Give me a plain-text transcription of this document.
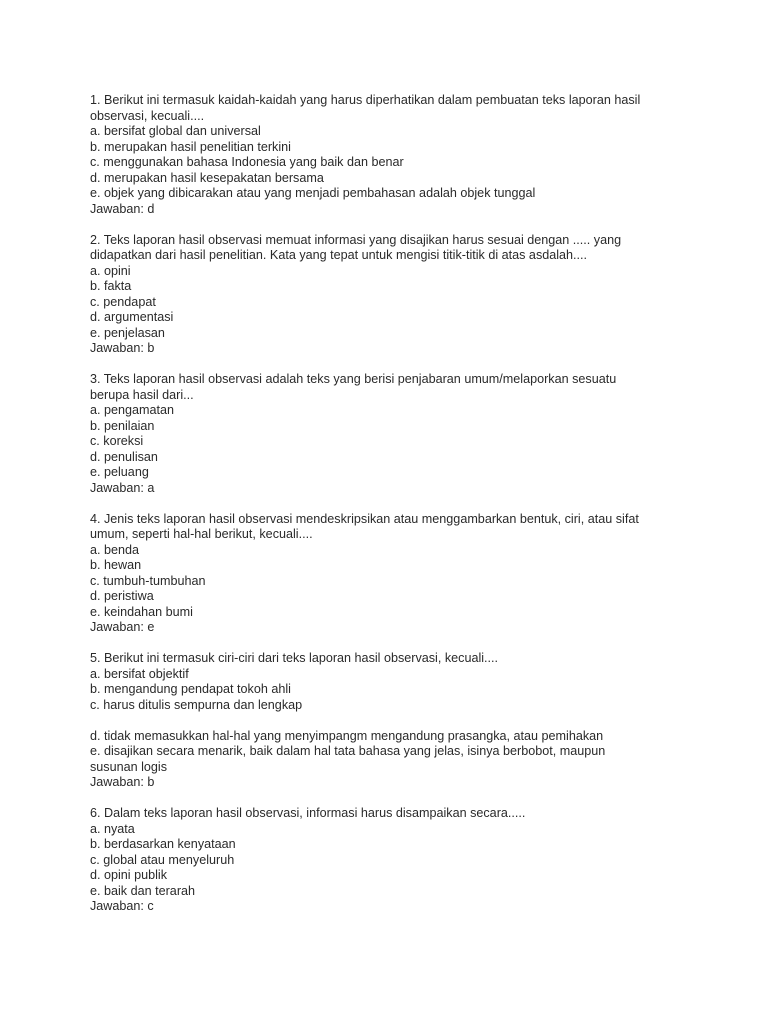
1. Berikut ini termasuk kaidah-kaidah yang harus diperhatikan dalam pembuatan teks laporan hasil
observasi, kecuali....
a. bersifat global dan universal
b. merupakan hasil penelitian terkini
c. menggunakan bahasa Indonesia yang baik dan benar
d. merupakan hasil kesepakatan bersama
e. objek yang dibicarakan atau yang menjadi pembahasan adalah objek tunggal
Jawaban: d
2. Teks laporan hasil observasi memuat informasi yang disajikan harus sesuai dengan ..... yang
didapatkan dari hasil penelitian. Kata yang tepat untuk mengisi titik-titik di atas asdalah....
a. opini
b. fakta
c. pendapat
d. argumentasi
e. penjelasan
Jawaban: b
3. Teks laporan hasil observasi adalah teks yang berisi penjabaran umum/melaporkan sesuatu
berupa hasil dari...
a. pengamatan
b. penilaian
c. koreksi
d. penulisan
e. peluang
Jawaban: a
4. Jenis teks laporan hasil observasi mendeskripsikan atau menggambarkan bentuk, ciri, atau sifat
umum, seperti hal-hal berikut, kecuali....
a. benda
b. hewan
c. tumbuh-tumbuhan
d. peristiwa
e. keindahan bumi
Jawaban: e
5. Berikut ini termasuk ciri-ciri dari teks laporan hasil observasi, kecuali....
a. bersifat objektif
b. mengandung pendapat tokoh ahli
c. harus ditulis sempurna dan lengkap
d. tidak memasukkan hal-hal yang menyimpangm mengandung prasangka, atau pemihakan
e. disajikan secara menarik, baik dalam hal tata bahasa yang jelas, isinya berbobot, maupun
susunan logis
Jawaban: b
6. Dalam teks laporan hasil observasi, informasi harus disampaikan secara.....
a. nyata
b. berdasarkan kenyataan
c. global atau menyeluruh
d. opini publik
e. baik dan terarah
Jawaban: c
